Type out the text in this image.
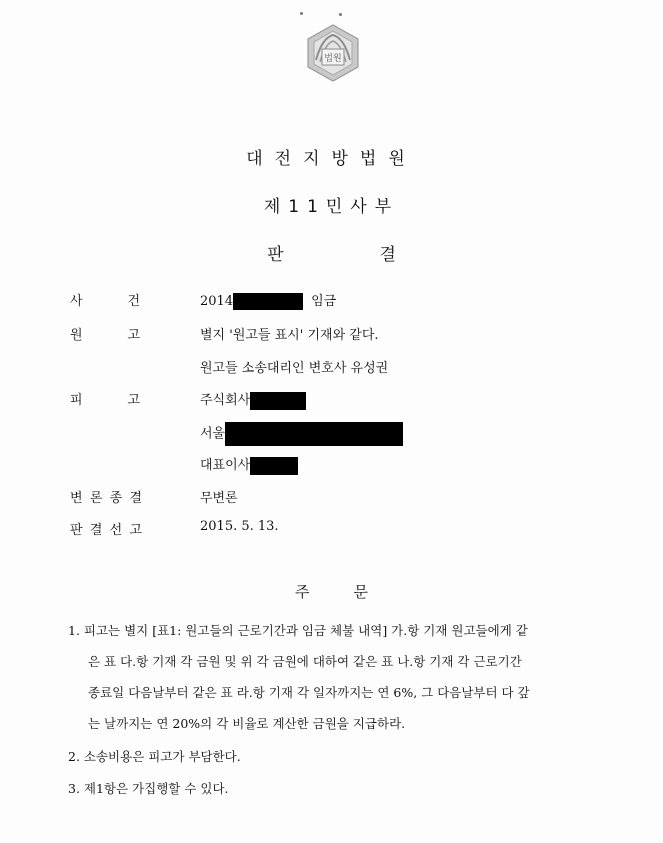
법원
대전지방법원
제11민사부
판	결
사	건	2014	임금
원	고	별지 '원고들 표시' 기재와 같다.
원고들 소송대리인 변호사 유성권
피	고	주식회사
서울
대표이사
변 론 종 결	무변론
판 결 선 고	2015. 5. 13.
주	문
1. 피고는 별지 [표1: 원고들의 근로기간과 임금 체불 내역] 가.항 기재 원고들에게 같
은 표 다.항 기재 각 금원 및 위 각 금원에 대하여 같은 표 나.항 기재 각 근로기간
종료일 다음날부터 같은 표 라.항 기재 각 일자까지는 연 6%, 그 다음날부터 다 갚
는 날까지는 연 20%의 각 비율로 계산한 금원을 지급하라.
2. 소송비용은 피고가 부담한다.
3. 제1항은 가집행할 수 있다.
